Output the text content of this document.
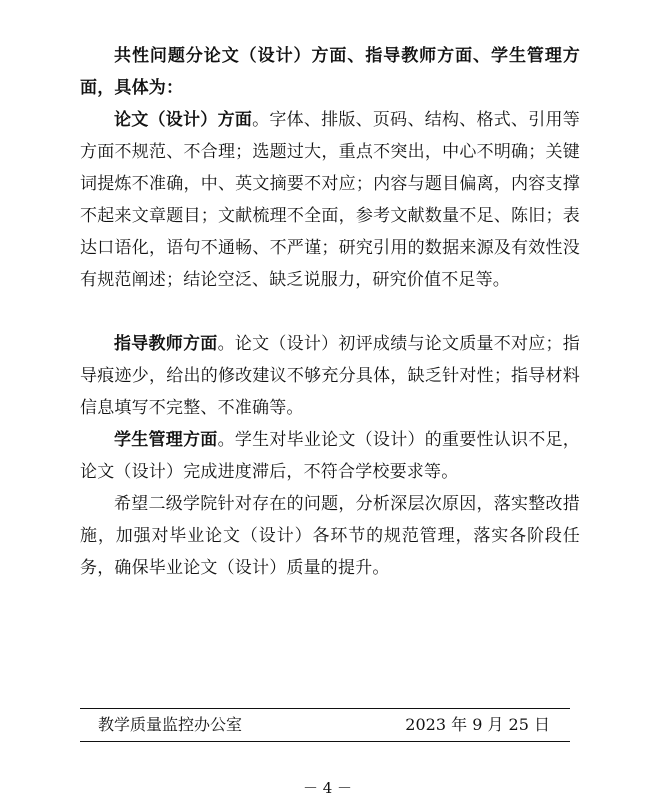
共性问题分论文（设计）方面、指导教师方面、学生管理方面，具体为：

论文（设计）方面。字体、排版、页码、结构、格式、引用等方面不规范、不合理；选题过大，重点不突出，中心不明确；关键词提炼不准确，中、英文摘要不对应；内容与题目偏离，内容支撑不起来文章题目；文献梳理不全面，参考文献数量不足、陈旧；表达口语化，语句不通畅、不严谨；研究引用的数据来源及有效性没有规范阐述；结论空泛、缺乏说服力，研究价值不足等。

指导教师方面。论文（设计）初评成绩与论文质量不对应；指导痕迹少，给出的修改建议不够充分具体，缺乏针对性；指导材料信息填写不完整、不准确等。

学生管理方面。学生对毕业论文（设计）的重要性认识不足，论文（设计）完成进度滞后，不符合学校要求等。

希望二级学院针对存在的问题，分析深层次原因，落实整改措施，加强对毕业论文（设计）各环节的规范管理，落实各阶段任务，确保毕业论文（设计）质量的提升。

教学质量监控办公室	2023 年 9 月 25 日
－ 4 －
